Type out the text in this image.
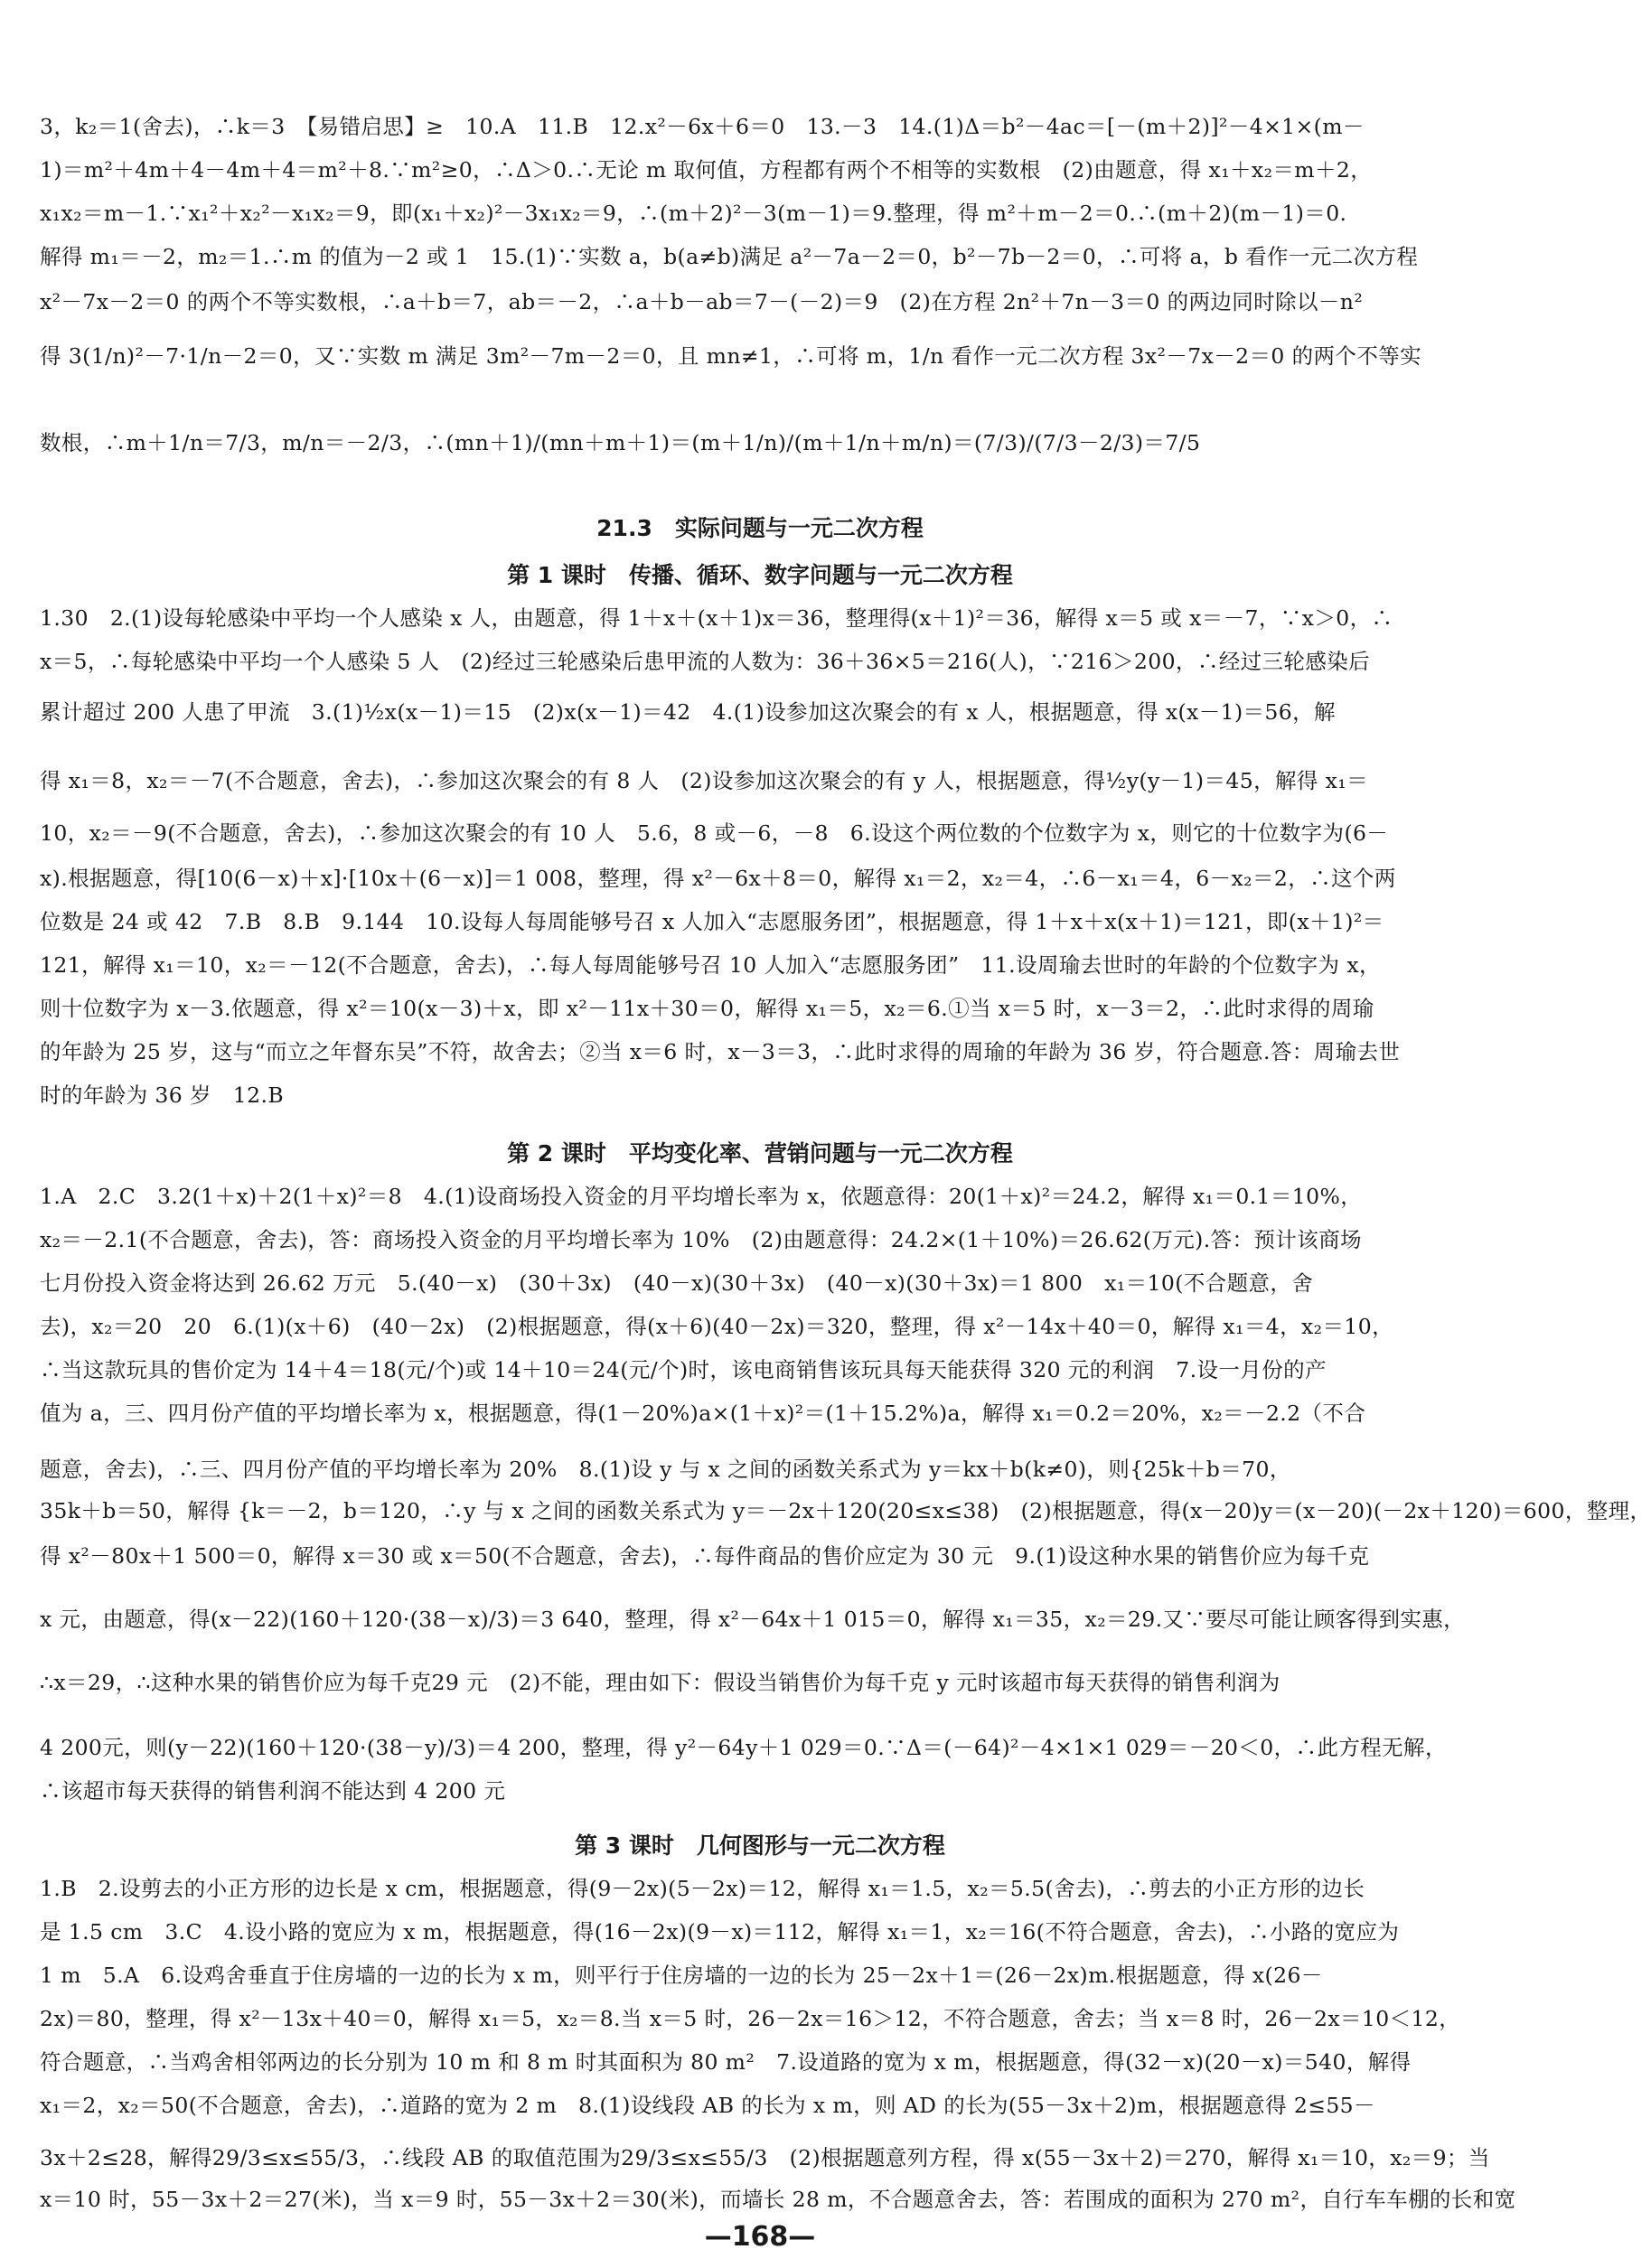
3，k₂＝1(舍去)，∴k＝3　【易错启思】≥　10.A　11.B　12.x²－6x＋6＝0　13.－3　14.(1)Δ＝b²－4ac＝[－(m＋2)]²－4×1×(m－
1)＝m²＋4m＋4－4m＋4＝m²＋8.∵m²≥0，∴Δ＞0.∴无论 m 取何值，方程都有两个不相等的实数根　(2)由题意，得 x₁＋x₂＝m＋2，
x₁x₂＝m－1.∵x₁²＋x₂²－x₁x₂＝9，即(x₁＋x₂)²－3x₁x₂＝9，∴(m＋2)²－3(m－1)＝9.整理，得 m²＋m－2＝0.∴(m＋2)(m－1)＝0.
解得 m₁＝－2，m₂＝1.∴m 的值为－2 或 1　15.(1)∵实数 a，b(a≠b)满足 a²－7a－2＝0，b²－7b－2＝0，∴可将 a，b 看作一元二次方程
x²－7x－2＝0 的两个不等实数根，∴a＋b＝7，ab＝－2，∴a＋b－ab＝7－(－2)＝9　(2)在方程 2n²＋7n－3＝0 的两边同时除以－n²
得 3(1/n)²－7·1/n－2＝0，又∵实数 m 满足 3m²－7m－2＝0，且 mn≠1，∴可将 m，1/n 看作一元二次方程 3x²－7x－2＝0 的两个不等实
数根，∴m＋1/n＝7/3，m/n＝－2/3，∴(mn＋1)/(mn＋m＋1)＝(m＋1/n)/(m＋1/n＋m/n)＝(7/3)/(7/3－2/3)＝7/5
21.3　实际问题与一元二次方程
第 1 课时　传播、循环、数字问题与一元二次方程
1.30　2.(1)设每轮感染中平均一个人感染 x 人，由题意，得 1＋x＋(x＋1)x＝36，整理得(x＋1)²＝36，解得 x＝5 或 x＝－7，∵x＞0，∴
x＝5，∴每轮感染中平均一个人感染 5 人　(2)经过三轮感染后患甲流的人数为：36＋36×5＝216(人)，∵216＞200，∴经过三轮感染后
累计超过 200 人患了甲流　3.(1)½x(x－1)＝15　(2)x(x－1)＝42　4.(1)设参加这次聚会的有 x 人，根据题意，得 x(x－1)＝56，解
得 x₁＝8，x₂＝－7(不合题意，舍去)，∴参加这次聚会的有 8 人　(2)设参加这次聚会的有 y 人，根据题意，得½y(y－1)＝45，解得 x₁＝
10，x₂＝－9(不合题意，舍去)，∴参加这次聚会的有 10 人　5.6，8 或－6，－8　6.设这个两位数的个位数字为 x，则它的十位数字为(6－
x).根据题意，得[10(6－x)＋x]·[10x＋(6－x)]＝1 008，整理，得 x²－6x＋8＝0，解得 x₁＝2，x₂＝4，∴6－x₁＝4，6－x₂＝2，∴这个两
位数是 24 或 42　7.B　8.B　9.144　10.设每人每周能够号召 x 人加入“志愿服务团”，根据题意，得 1＋x＋x(x＋1)＝121，即(x＋1)²＝
121，解得 x₁＝10，x₂＝－12(不合题意，舍去)，∴每人每周能够号召 10 人加入“志愿服务团”　11.设周瑜去世时的年龄的个位数字为 x，
则十位数字为 x－3.依题意，得 x²＝10(x－3)＋x，即 x²－11x＋30＝0，解得 x₁＝5，x₂＝6.①当 x＝5 时，x－3＝2，∴此时求得的周瑜
的年龄为 25 岁，这与“而立之年督东吴”不符，故舍去；②当 x＝6 时，x－3＝3，∴此时求得的周瑜的年龄为 36 岁，符合题意.答：周瑜去世
时的年龄为 36 岁　12.B
第 2 课时　平均变化率、营销问题与一元二次方程
1.A　2.C　3.2(1＋x)＋2(1＋x)²＝8　4.(1)设商场投入资金的月平均增长率为 x，依题意得：20(1＋x)²＝24.2，解得 x₁＝0.1＝10%，
x₂＝－2.1(不合题意，舍去)，答：商场投入资金的月平均增长率为 10%　(2)由题意得：24.2×(1＋10%)＝26.62(万元).答：预计该商场
七月份投入资金将达到 26.62 万元　5.(40－x)　(30＋3x)　(40－x)(30＋3x)　(40－x)(30＋3x)＝1 800　x₁＝10(不合题意，舍
去)，x₂＝20　20　6.(1)(x＋6)　(40－2x)　(2)根据题意，得(x＋6)(40－2x)＝320，整理，得 x²－14x＋40＝0，解得 x₁＝4，x₂＝10，
∴当这款玩具的售价定为 14＋4＝18(元/个)或 14＋10＝24(元/个)时，该电商销售该玩具每天能获得 320 元的利润　7.设一月份的产
值为 a，三、四月份产值的平均增长率为 x，根据题意，得(1－20%)a×(1＋x)²＝(1＋15.2%)a，解得 x₁＝0.2＝20%，x₂＝－2.2（不合
题意，舍去)，∴三、四月份产值的平均增长率为 20%　8.(1)设 y 与 x 之间的函数关系式为 y＝kx＋b(k≠0)，则{25k＋b＝70，
35k＋b＝50，解得 {k＝－2，b＝120，∴y 与 x 之间的函数关系式为 y＝－2x＋120(20≤x≤38)　(2)根据题意，得(x－20)y＝(x－20)(－2x＋120)＝600，整理，
得 x²－80x＋1 500＝0，解得 x＝30 或 x＝50(不合题意，舍去)，∴每件商品的售价应定为 30 元　9.(1)设这种水果的销售价应为每千克
x 元，由题意，得(x－22)(160＋120·(38－x)/3)＝3 640，整理，得 x²－64x＋1 015＝0，解得 x₁＝35，x₂＝29.又∵要尽可能让顾客得到实惠，
∴x＝29，∴这种水果的销售价应为每千克29 元　(2)不能，理由如下：假设当销售价为每千克 y 元时该超市每天获得的销售利润为
4 200元，则(y－22)(160＋120·(38－y)/3)＝4 200，整理，得 y²－64y＋1 029＝0.∵Δ＝(－64)²－4×1×1 029＝－20＜0，∴此方程无解，
∴该超市每天获得的销售利润不能达到 4 200 元
第 3 课时　几何图形与一元二次方程
1.B　2.设剪去的小正方形的边长是 x cm，根据题意，得(9－2x)(5－2x)＝12，解得 x₁＝1.5，x₂＝5.5(舍去)，∴剪去的小正方形的边长
是 1.5 cm　3.C　4.设小路的宽应为 x m，根据题意，得(16－2x)(9－x)＝112，解得 x₁＝1，x₂＝16(不符合题意，舍去)，∴小路的宽应为
1 m　5.A　6.设鸡舍垂直于住房墙的一边的长为 x m，则平行于住房墙的一边的长为 25－2x＋1＝(26－2x)m.根据题意，得 x(26－
2x)＝80，整理，得 x²－13x＋40＝0，解得 x₁＝5，x₂＝8.当 x＝5 时，26－2x＝16＞12，不符合题意，舍去；当 x＝8 时，26－2x＝10＜12，
符合题意，∴当鸡舍相邻两边的长分别为 10 m 和 8 m 时其面积为 80 m²　7.设道路的宽为 x m，根据题意，得(32－x)(20－x)＝540，解得
x₁＝2，x₂＝50(不合题意，舍去)，∴道路的宽为 2 m　8.(1)设线段 AB 的长为 x m，则 AD 的长为(55－3x＋2)m，根据题意得 2≤55－
3x＋2≤28，解得29/3≤x≤55/3，∴线段 AB 的取值范围为29/3≤x≤55/3　(2)根据题意列方程，得 x(55－3x＋2)＝270，解得 x₁＝10，x₂＝9；当
x＝10 时，55－3x＋2＝27(米)，当 x＝9 时，55－3x＋2＝30(米)，而墙长 28 m，不合题意舍去，答：若围成的面积为 270 m²，自行车车棚的长和宽
—168—
